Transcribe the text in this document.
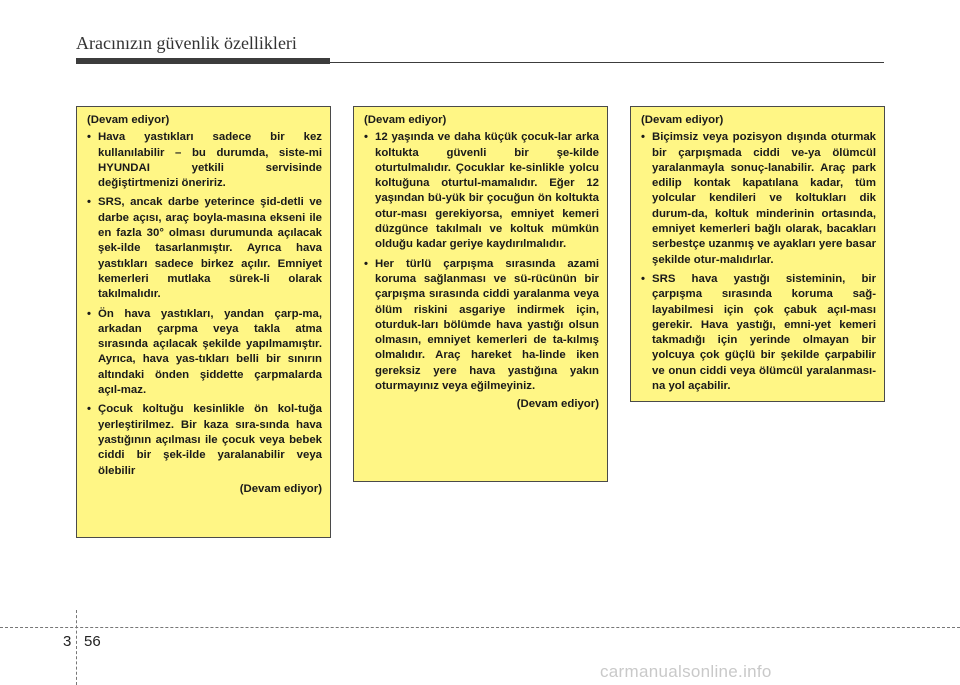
Aracınızın güvenlik özellikleri
(Devam ediyor)
• Hava yastıkları sadece bir kez kullanılabilir – bu durumda, siste-mi HYUNDAI yetkili servisinde değiştirtmenizi öneririz.
• SRS, ancak darbe yeterince şid-detli ve darbe açısı, araç boyla-masına ekseni ile en fazla 30° olması durumunda açılacak şek-ilde tasarlanmıştır. Ayrıca hava yastıkları sadece birkez açılır. Emniyet kemerleri mutlaka sürek-li olarak takılmalıdır.
• Ön hava yastıkları, yandan çarp-ma, arkadan çarpma veya takla atma sırasında açılacak şekilde yapılmamıştır. Ayrıca, hava yas-tıkları belli bir sınırın altındaki önden şiddette çarpmalarda açıl-maz.
• Çocuk koltuğu kesinlikle ön kol-tuğa yerleştirilmez. Bir kaza sıra-sında hava yastığının açılması ile çocuk veya bebek ciddi bir şek-ilde yaralanabilir veya ölebilir
(Devam ediyor)
(Devam ediyor)
• 12 yaşında ve daha küçük çocuk-lar arka koltukta güvenli bir şe-kilde oturtulmalıdır. Çocuklar ke-sinlikle yolcu koltuğuna oturtul-mamalıdır. Eğer 12 yaşından bü-yük bir çocuğun ön koltukta otur-ması gerekiyorsa, emniyet kemeri düzgünce takılmalı ve koltuk mümkün olduğu kadar geriye kaydırılmalıdır.
• Her türlü çarpışma sırasında azami koruma sağlanması ve sü-rücünün bir çarpışma sırasında ciddi yaralanma veya ölüm riskini asgariye indirmek için, oturduk-ları bölümde hava yastığı olsun olmasın, emniyet kemerleri de ta-kılmış olmalıdır. Araç hareket ha-linde iken gereksiz yere hava yastığına yakın oturmayınız veya eğilmeyiniz.
(Devam ediyor)
(Devam ediyor)
• Biçimsiz veya pozisyon dışında oturmak bir çarpışmada ciddi ve-ya ölümcül yaralanmayla sonuç-lanabilir. Araç park edilip kontak kapatılana kadar, tüm yolcular kendileri ve koltukları dik durum-da, koltuk minderinin ortasında, emniyet kemerleri bağlı olarak, bacakları serbestçe uzanmış ve ayakları yere basar şekilde otur-malıdırlar.
• SRS hava yastığı sisteminin, bir çarpışma sırasında koruma sağ-layabilmesi için çok çabuk açıl-ması gerekir. Hava yastığı, emni-yet kemeri takmadığı için yerinde olmayan bir yolcuya çok güçlü bir şekilde çarpabilir ve onun ciddi veya ölümcül yaralanması-na yol açabilir.
3 56
carmanualsonline.info
